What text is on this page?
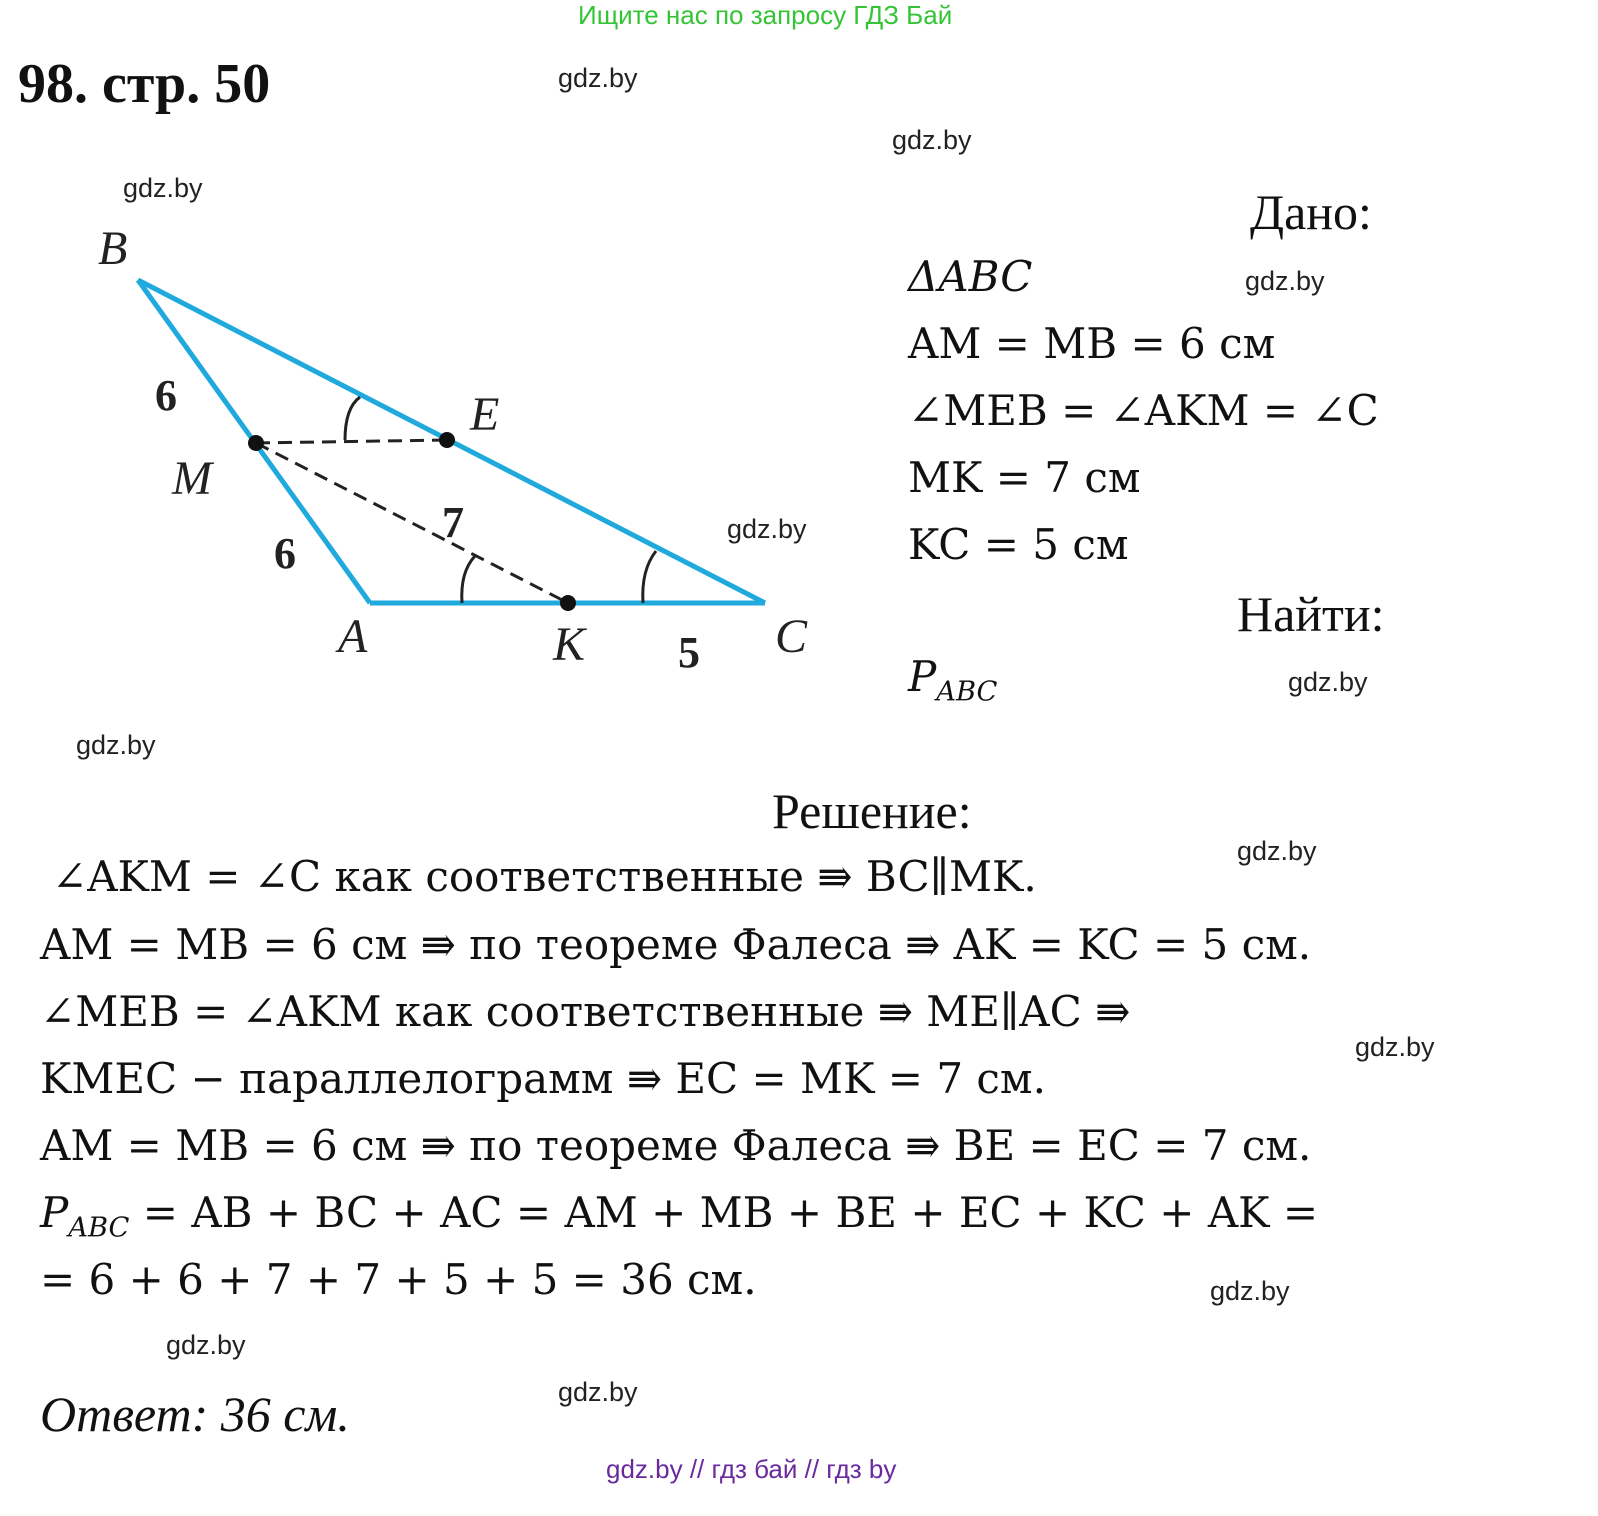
Ищите нас по запросу ГДЗ Бай
98. стр. 50	gdz.by
gdz.by
gdz.by
gdz.by
gdz.by
gdz.by
gdz.by
gdz.by
gdz.by
gdz.by
gdz.by
gdz.by
B
E
M
A	K	C
6
6
7
5
Дано:
ΔABC
AM = MB = 6 см
∠MEB = ∠AKM = ∠C
MK = 7 см
KC = 5 см
Найти:
$P_{ABC}$
Решение:
∠AKM = ∠C как соответственные ⇛ BC∥MK.
AM = MB = 6 см ⇛ по теореме Фалеса ⇛ AK = KC = 5 см.
∠MEB = ∠AKM как соответственные ⇛ ME∥AC ⇛
KMEC − параллелограмм ⇛ EC = MK = 7 см.
AM = MB = 6 см ⇛ по теореме Фалеса ⇛ BE = EC = 7 см.
$P_{ABC}$ = AB + BC + AC = AM + MB + BE + EC + KC + AK =
= 6 + 6 + 7 + 7 + 5 + 5 = 36 см.
Ответ: 36 см.
gdz.by // гдз бай // гдз by
